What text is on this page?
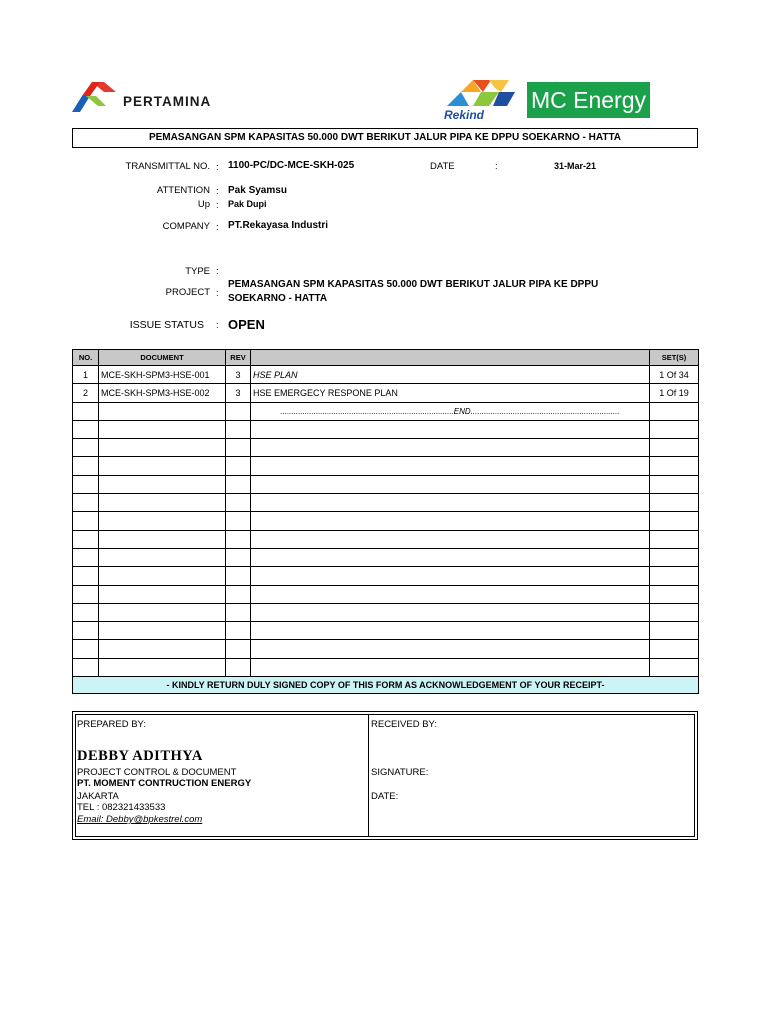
PERTAMINA
Rekind
MC Energy
PEMASANGAN SPM KAPASITAS 50.000 DWT BERIKUT JALUR PIPA KE DPPU SOEKARNO - HATTA
TRANSMITTAL NO. : 1100-PC/DC-MCE-SKH-025	DATE	:	31-Mar-21
ATTENTION : Pak Syamsu
Up : Pak Dupi
COMPANY : PT.Rekayasa Industri
TYPE :
PROJECT :
PEMASANGAN SPM KAPASITAS 50.000 DWT BERIKUT JALUR PIPA KE DPPU
SOEKARNO - HATTA
ISSUE STATUS : OPEN
NO.	DOCUMENT	REV		SET(S)
1	MCE-SKH-SPM3-HSE-001	3	HSE PLAN	1 Of 34
2	MCE-SKH-SPM3-HSE-002	3	HSE EMERGECY RESPONE PLAN	1 Of 19
			..............................................................................END...................................................................	

- KINDLY RETURN DULY SIGNED COPY OF THIS FORM AS ACKNOWLEDGEMENT OF YOUR RECEIPT-				
PREPARED BY:
DEBBY ADITHYA
PROJECT CONTROL & DOCUMENT
PT. MOMENT CONTRUCTION ENERGY
JAKARTA
TEL : 082321433533
Email: Debby@bpkestrel.com
RECEIVED BY:
SIGNATURE:
DATE:
